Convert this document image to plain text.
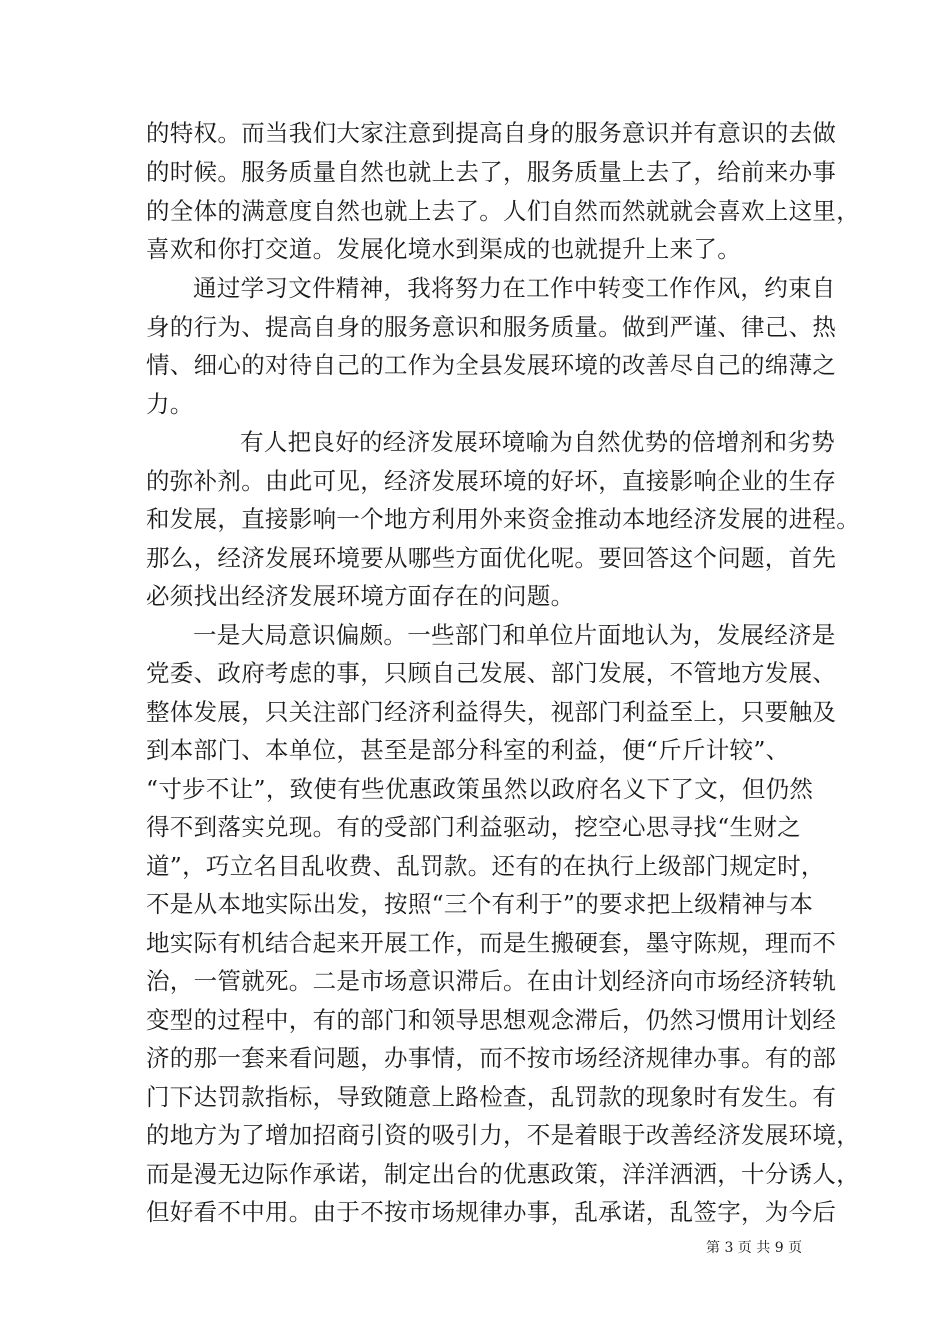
的特权。而当我们大家注意到提高自身的服务意识并有意识的去做
的时候。服务质量自然也就上去了，服务质量上去了，给前来办事
的全体的满意度自然也就上去了。人们自然而然就就会喜欢上这里，
喜欢和你打交道。发展化境水到渠成的也就提升上来了。
通过学习文件精神，我将努力在工作中转变工作作风，约束自
身的行为、提高自身的服务意识和服务质量。做到严谨、律己、热
情、细心的对待自己的工作为全县发展环境的改善尽自己的绵薄之
力。
有人把良好的经济发展环境喻为自然优势的倍增剂和劣势
的弥补剂。由此可见，经济发展环境的好坏，直接影响企业的生存
和发展，直接影响一个地方利用外来资金推动本地经济发展的进程。
那么，经济发展环境要从哪些方面优化呢。要回答这个问题，首先
必须找出经济发展环境方面存在的问题。
一是大局意识偏颇。一些部门和单位片面地认为，发展经济是
党委、政府考虑的事，只顾自己发展、部门发展，不管地方发展、
整体发展，只关注部门经济利益得失，视部门利益至上，只要触及
到本部门、本单位，甚至是部分科室的利益，便“斤斤计较”、
“寸步不让”，致使有些优惠政策虽然以政府名义下了文，但仍然
得不到落实兑现。有的受部门利益驱动，挖空心思寻找“生财之
道”，巧立名目乱收费、乱罚款。还有的在执行上级部门规定时，
不是从本地实际出发，按照“三个有利于”的要求把上级精神与本
地实际有机结合起来开展工作，而是生搬硬套，墨守陈规，理而不
治，一管就死。二是市场意识滞后。在由计划经济向市场经济转轨
变型的过程中，有的部门和领导思想观念滞后，仍然习惯用计划经
济的那一套来看问题，办事情，而不按市场经济规律办事。有的部
门下达罚款指标，导致随意上路检查，乱罚款的现象时有发生。有
的地方为了增加招商引资的吸引力，不是着眼于改善经济发展环境，
而是漫无边际作承诺，制定出台的优惠政策，洋洋洒洒，十分诱人，
但好看不中用。由于不按市场规律办事，乱承诺，乱签字，为今后
第 3 页 共 9 页
